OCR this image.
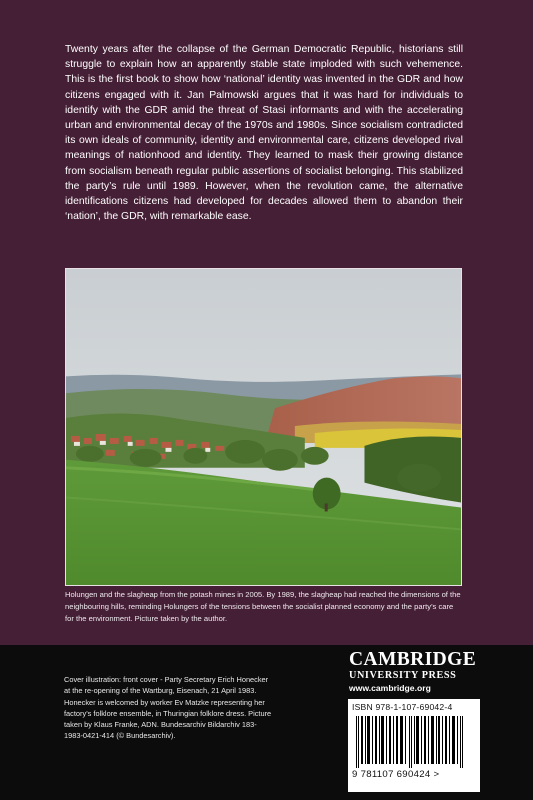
Twenty years after the collapse of the German Democratic Republic, historians still struggle to explain how an apparently stable state imploded with such vehemence. This is the first book to show how ‘national’ identity was invented in the GDR and how citizens engaged with it. Jan Palmowski argues that it was hard for individuals to identify with the GDR amid the threat of Stasi informants and with the accelerating urban and environmental decay of the 1970s and 1980s. Since socialism contradicted its own ideals of community, identity and environmental care, citizens developed rival meanings of nationhood and identity. They learned to mask their growing distance from socialism beneath regular public assertions of socialist belonging. This stabilized the party’s rule until 1989. However, when the revolution came, the alternative identifications citizens had developed for decades allowed them to abandon their ‘nation’, the GDR, with remarkable ease.

Holungen and the slagheap from the potash mines in 2005. By 1989, the slagheap had reached the dimensions of the neighbouring hills, reminding Holungers of the tensions between the socialist planned economy and the party’s care for the environment. Picture taken by the author.

Cover illustration: front cover - Party Secretary Erich Honecker at the re-opening of the Wartburg, Eisenach, 21 April 1983. Honecker is welcomed by worker Ev Matzke representing her factory’s folklore ensemble, in Thuringian folklore dress. Picture taken by Klaus Franke, ADN. Bundesarchiv Bildarchiv 183-1983-0421-414 (© Bundesarchiv).

CAMBRIDGE
UNIVERSITY PRESS
www.cambridge.org
ISBN 978-1-107-69042-4
9 781107 690424 >
